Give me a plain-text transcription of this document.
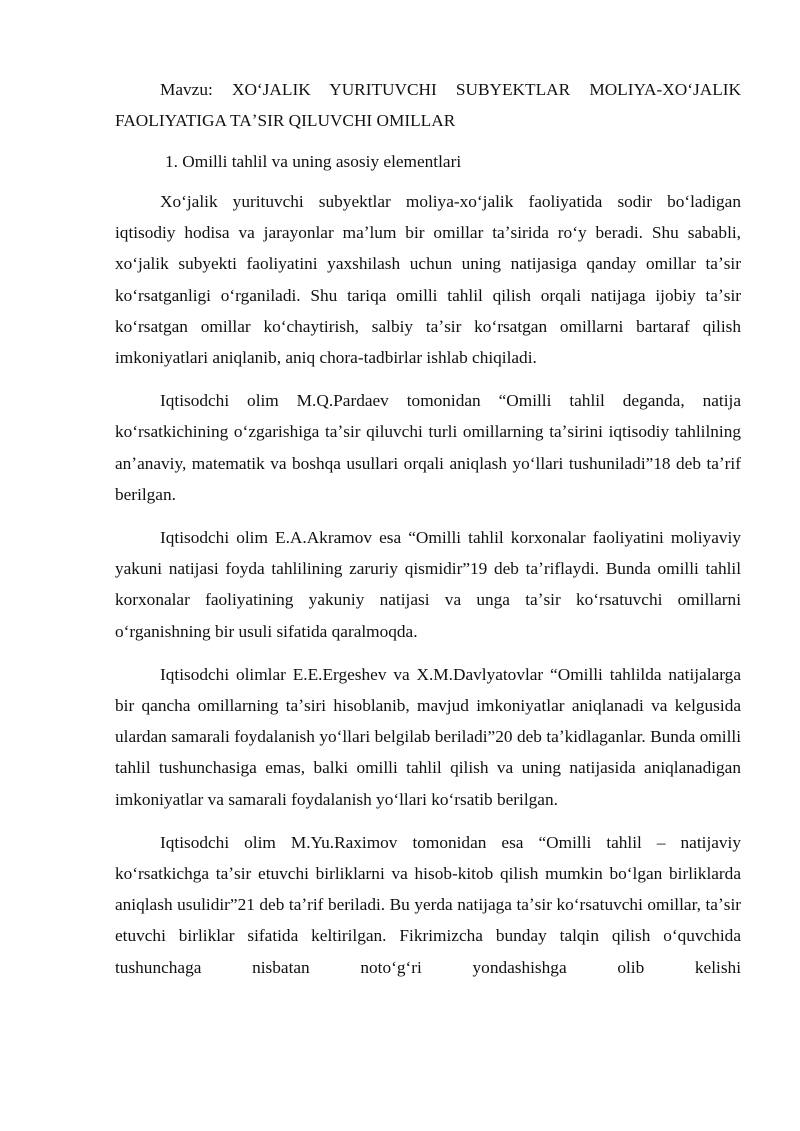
Mavzu: XOʻJALIK YURITUVCHI SUBYEKTLAR MOLIYA-XOʻJALIK FAOLIYATIGA TAʼSIR QILUVCHI OMILLAR

1. Omilli tahlil va uning asosiy elementlari

Xoʻjalik yurituvchi subyektlar moliya-xoʻjalik faoliyatida sodir boʻladigan iqtisodiy hodisa va jarayonlar maʼlum bir omillar taʼsirida roʻy beradi. Shu sababli, xoʻjalik subyekti faoliyatini yaxshilash uchun uning natijasiga qanday omillar taʼsir koʻrsatganligi oʻrganiladi. Shu tariqa omilli tahlil qilish orqali natijaga ijobiy taʼsir koʻrsatgan omillar koʻchaytirish, salbiy taʼsir koʻrsatgan omillarni bartaraf qilish imkoniyatlari aniqlanib, aniq chora-tadbirlar ishlab chiqiladi.

Iqtisodchi olim M.Q.Pardaev tomonidan “Omilli tahlil deganda, natija koʻrsatkichining oʻzgarishiga taʼsir qiluvchi turli omillarning taʼsirini iqtisodiy tahlilning anʼanaviy, matematik va boshqa usullari orqali aniqlash yoʻllari tushuniladi”18 deb taʼrif berilgan.

Iqtisodchi olim E.A.Akramov esa “Omilli tahlil korxonalar faoliyatini moliyaviy yakuni natijasi foyda tahlilining zaruriy qismidir”19 deb taʼriflaydi. Bunda omilli tahlil korxonalar faoliyatining yakuniy natijasi va unga taʼsir koʻrsatuvchi omillarni oʻrganishning bir usuli sifatida qaralmoqda.

Iqtisodchi olimlar E.E.Ergeshev va X.M.Davlyatovlar “Omilli tahlilda natijalarga bir qancha omillarning taʼsiri hisoblanib, mavjud imkoniyatlar aniqlanadi va kelgusida ulardan samarali foydalanish yoʻllari belgilab beriladi”20 deb taʼkidlaganlar. Bunda omilli tahlil tushunchasiga emas, balki omilli tahlil qilish va uning natijasida aniqlanadigan imkoniyatlar va samarali foydalanish yoʻllari koʻrsatib berilgan.

Iqtisodchi olim M.Yu.Raximov tomonidan esa “Omilli tahlil – natijaviy koʻrsatkichga taʼsir etuvchi birliklarni va hisob-kitob qilish mumkin boʻlgan birliklarda aniqlash usulidir”21 deb taʼrif beriladi. Bu yerda natijaga taʼsir koʻrsatuvchi omillar, taʼsir etuvchi birliklar sifatida keltirilgan. Fikrimizcha bunday talqin qilish oʻquvchida tushunchaga nisbatan notoʻgʻri yondashishga olib kelishi
